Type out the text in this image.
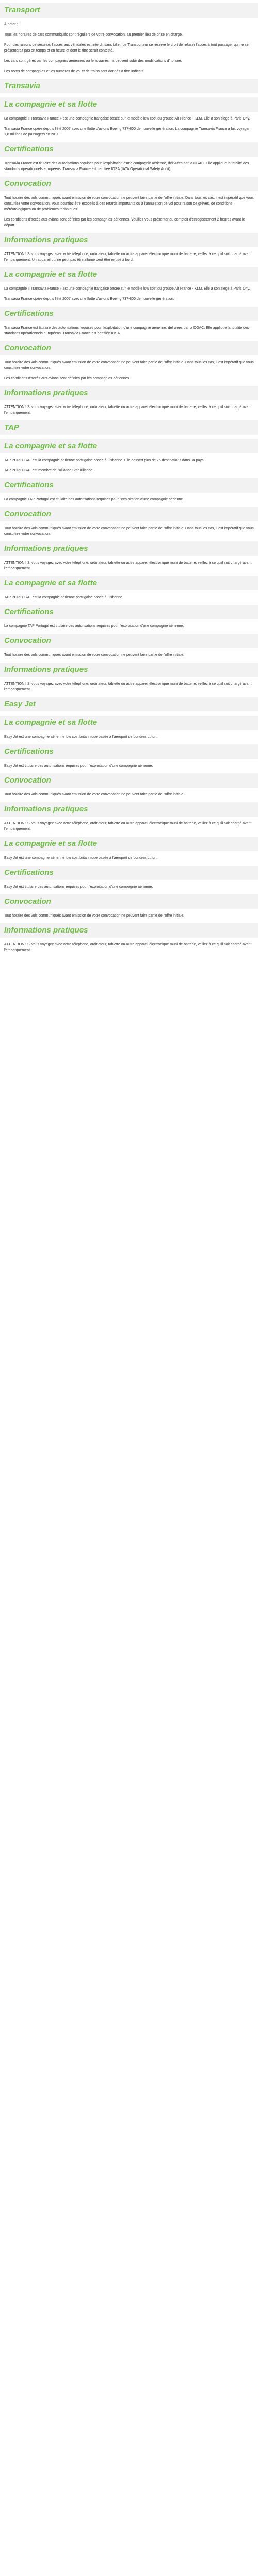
Transport
À noter :
Tous les horaires de cars communiqués sont réguliers de votre convocation, au premier lieu de prise en charge.
Pour des raisons de sécurité, l'accès aux véhicules est interdit sans billet. Le Transporteur se réserve le droit de refuser l'accès à tout passager qui ne se présenterait pas en temps et en heure et dont le titre serait contesté.
Les cars sont gérés par les compagnies aériennes ou ferroviaires. Ils peuvent subir des modifications d'horaire.
Les noms de compagnies et les numéros de vol et de trains sont donnés à titre indicatif.
Transavia
La compagnie et sa flotte
La compagnie « Transavia France » est une compagnie française basée sur le modèle low cost du groupe Air France - KLM. Elle a son siège à Paris Orly.
Transavia France opère depuis l'été 2007 avec une flotte d'avions Boeing 737-800 de nouvelle génération. La compagnie Transavia France a fait voyager 1,8 millions de passagers en 2011.
Certifications
Transavia France est titulaire des autorisations requises pour l'exploitation d'une compagnie aérienne, délivrées par la DGAC. Elle applique la totalité des standards opérationnels européens. Transavia France est certifiée IOSA (IATA Operational Safety Audit).
Convocation
Tout horaire des vols communiqués avant émission de votre convocation ne peuvent faire partie de l'offre initiale. Dans tous les cas, il est impératif que vous consultiez votre convocation. Vous pourriez être exposés à des retards importants ou à l'annulation de vol pour raison de grèves, de conditions météorologiques ou de problèmes techniques.
Les conditions d'accès aux avions sont définies par les compagnies aériennes. Veuillez vous présenter au comptoir d'enregistrement 2 heures avant le départ.
Informations pratiques
ATTENTION ! Si vous voyagez avec votre téléphone, ordinateur, tablette ou autre appareil électronique muni de batterie, veillez à ce qu'il soit chargé avant l'embarquement. Un appareil qui ne peut pas être allumé peut être refusé à bord.
La compagnie et sa flotte
La compagnie « Transavia France » est une compagnie française basée sur le modèle low cost du groupe Air France - KLM. Elle a son siège à Paris Orly.
Transavia France opère depuis l'été 2007 avec une flotte d'avions Boeing 737-800 de nouvelle génération.
Certifications
Transavia France est titulaire des autorisations requises pour l'exploitation d'une compagnie aérienne, délivrées par la DGAC. Elle applique la totalité des standards opérationnels européens. Transavia France est certifiée IOSA.
Convocation
Tout horaire des vols communiqués avant émission de votre convocation ne peuvent faire partie de l'offre initiale. Dans tous les cas, il est impératif que vous consultiez votre convocation.
Les conditions d'accès aux avions sont définies par les compagnies aériennes.
Informations pratiques
ATTENTION ! Si vous voyagez avec votre téléphone, ordinateur, tablette ou autre appareil électronique muni de batterie, veillez à ce qu'il soit chargé avant l'embarquement.
TAP
La compagnie et sa flotte
TAP PORTUGAL est la compagnie aérienne portugaise basée à Lisbonne. Elle dessert plus de 75 destinations dans 34 pays.
TAP PORTUGAL est membre de l'alliance Star Alliance.
Certifications
La compagnie TAP Portugal est titulaire des autorisations requises pour l'exploitation d'une compagnie aérienne.
Convocation
Tout horaire des vols communiqués avant émission de votre convocation ne peuvent faire partie de l'offre initiale. Dans tous les cas, il est impératif que vous consultiez votre convocation.
Informations pratiques
ATTENTION ! Si vous voyagez avec votre téléphone, ordinateur, tablette ou autre appareil électronique muni de batterie, veillez à ce qu'il soit chargé avant l'embarquement.
La compagnie et sa flotte
TAP PORTUGAL est la compagnie aérienne portugaise basée à Lisbonne.
Certifications
La compagnie TAP Portugal est titulaire des autorisations requises pour l'exploitation d'une compagnie aérienne.
Convocation
Tout horaire des vols communiqués avant émission de votre convocation ne peuvent faire partie de l'offre initiale.
Informations pratiques
ATTENTION ! Si vous voyagez avec votre téléphone, ordinateur, tablette ou autre appareil électronique muni de batterie, veillez à ce qu'il soit chargé avant l'embarquement.
Easy Jet
La compagnie et sa flotte
Easy Jet est une compagnie aérienne low cost britannique basée à l'aéroport de Londres Luton.
Certifications
Easy Jet est titulaire des autorisations requises pour l'exploitation d'une compagnie aérienne.
Convocation
Tout horaire des vols communiqués avant émission de votre convocation ne peuvent faire partie de l'offre initiale.
Informations pratiques
ATTENTION ! Si vous voyagez avec votre téléphone, ordinateur, tablette ou autre appareil électronique muni de batterie, veillez à ce qu'il soit chargé avant l'embarquement.
La compagnie et sa flotte
Easy Jet est une compagnie aérienne low cost britannique basée à l'aéroport de Londres Luton.
Certifications
Easy Jet est titulaire des autorisations requises pour l'exploitation d'une compagnie aérienne.
Convocation
Tout horaire des vols communiqués avant émission de votre convocation ne peuvent faire partie de l'offre initiale.
Informations pratiques
ATTENTION ! Si vous voyagez avec votre téléphone, ordinateur, tablette ou autre appareil électronique muni de batterie, veillez à ce qu'il soit chargé avant l'embarquement.
